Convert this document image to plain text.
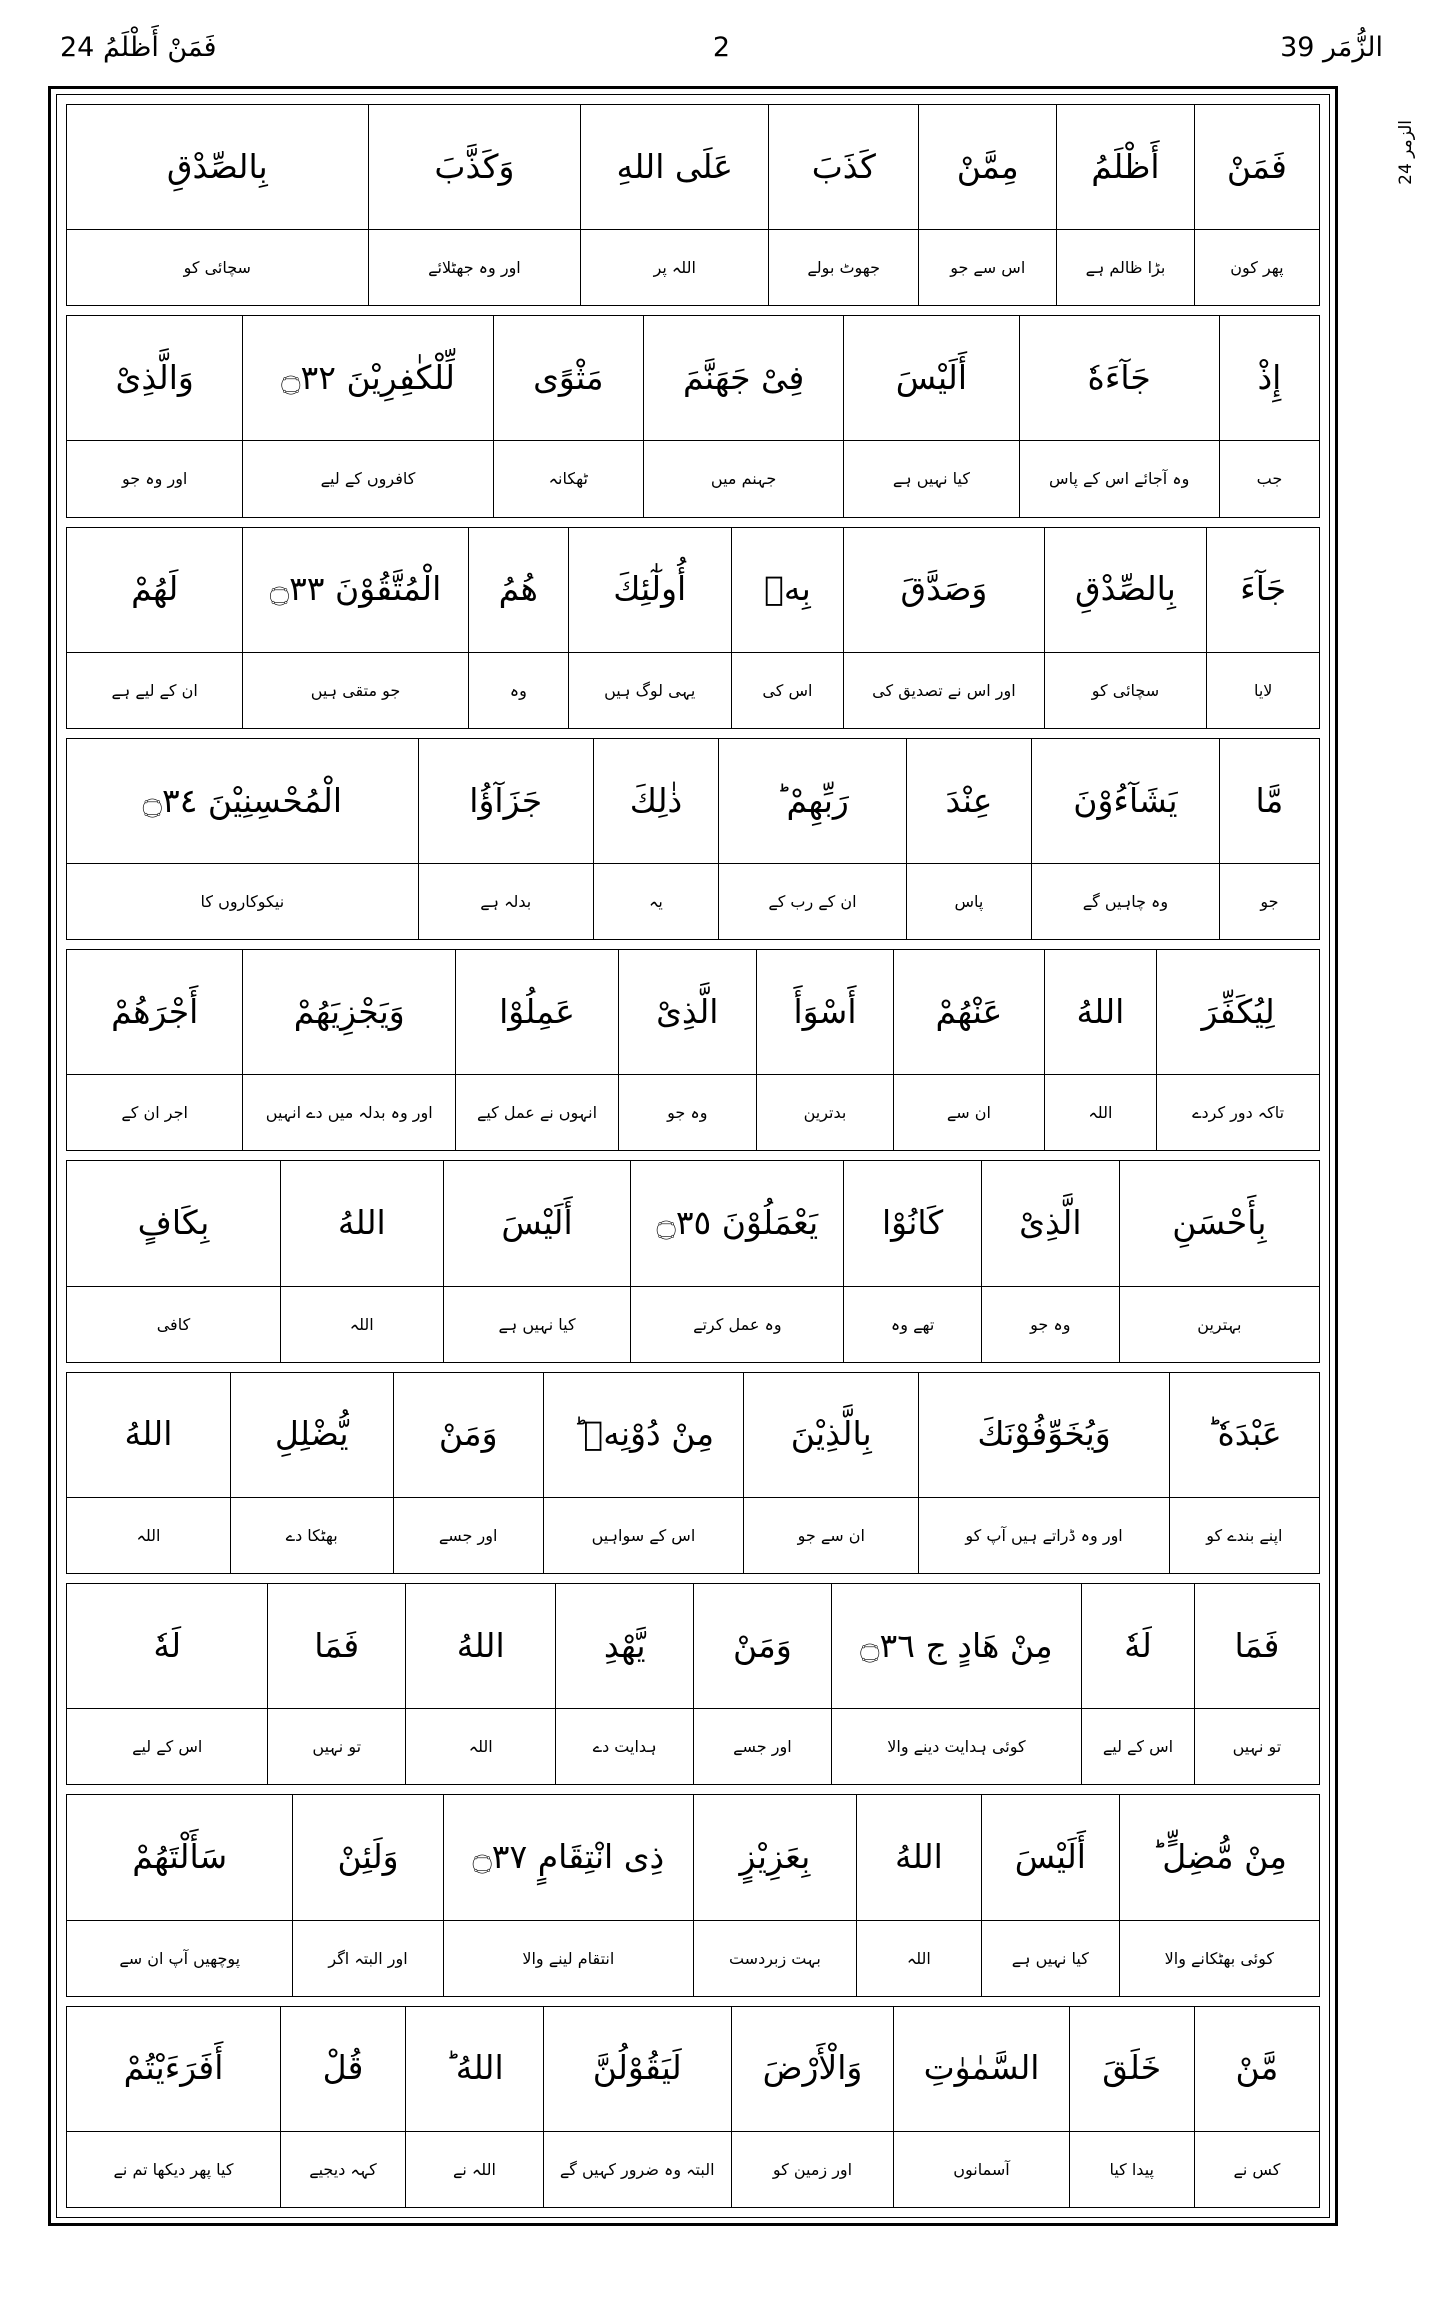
الزُّمَر 39
2
فَمَنْ أَظْلَمُ 24
الزمر 24
فَمَنْ
أَظْلَمُ
مِمَّنْ
كَذَبَ
عَلَى اللهِ
وَكَذَّبَ
بِالصِّدْقِ
پھر کون
بڑا ظالم ہے
اس سے جو
جھوٹ بولے
اللہ پر
اور وہ جھٹلائے
سچائی کو
إِذْ
جَآءَهٗ
أَلَيْسَ
فِىْ جَهَنَّمَ
مَثْوًى
لِّلْكٰفِرِيْنَ ۝٣٢
وَالَّذِىْ
جب
وہ آجائے اس کے پاس
کیا نہیں ہے
جہنم میں
ٹھکانہ
کافروں کے لیے
اور وہ جو
جَآءَ
بِالصِّدْقِ
وَصَدَّقَ
بِهٖ
أُولٰٓئِكَ
هُمُ
الْمُتَّقُوْنَ ۝٣٣
لَهُمْ
لایا
سچائی کو
اور اس نے تصدیق کی
اس کی
یہی لوگ ہیں
وہ
جو متقی ہیں
ان کے لیے ہے
مَّا
يَشَآءُوْنَ
عِنْدَ
رَبِّهِمْ ؕ
ذٰلِكَ
جَزَآؤُا
الْمُحْسِنِيْنَ ۝٣٤
جو
وہ چاہیں گے
پاس
ان کے رب کے
یہ
بدلہ ہے
نیکوکاروں کا
لِيُكَفِّرَ
اللهُ
عَنْهُمْ
أَسْوَأَ
الَّذِىْ
عَمِلُوْا
وَيَجْزِيَهُمْ
أَجْرَهُمْ
تاکہ دور کردے
اللہ
ان سے
بدترین
وہ جو
انہوں نے عمل کیے
اور وہ بدلہ میں دے انہیں
اجر ان کے
بِأَحْسَنِ
الَّذِىْ
كَانُوْا
يَعْمَلُوْنَ ۝٣٥
أَلَيْسَ
اللهُ
بِكَافٍ
بہترین
وہ جو
تھے وہ
وہ عمل کرتے
کیا نہیں ہے
اللہ
کافی
عَبْدَهٗ ؕ
وَيُخَوِّفُوْنَكَ
بِالَّذِيْنَ
مِنْ دُوْنِهٖ ؕ
وَمَنْ
يُّضْلِلِ
اللهُ
اپنے بندے کو
اور وہ ڈراتے ہیں آپ کو
ان سے جو
اس کے سواہیں
اور جسے
بھٹکا دے
اللہ
فَمَا
لَهٗ
مِنْ هَادٍ ج ۝٣٦
وَمَنْ
يَّهْدِ
اللهُ
فَمَا
لَهٗ
تو نہیں
اس کے لیے
کوئی ہدایت دینے والا
اور جسے
ہدایت دے
اللہ
تو نہیں
اس کے لیے
مِنْ مُّضِلٍّ ؕ
أَلَيْسَ
اللهُ
بِعَزِيْزٍ
ذِى انْتِقَامٍ ۝٣٧
وَلَئِنْ
سَأَلْتَهُمْ
کوئی بھٹکانے والا
کیا نہیں ہے
اللہ
بہت زبردست
انتقام لینے والا
اور البتہ اگر
پوچھیں آپ ان سے
مَّنْ
خَلَقَ
السَّمٰوٰتِ
وَالْأَرْضَ
لَيَقُوْلُنَّ
اللهُ ؕ
قُلْ
أَفَرَءَيْتُمْ
کس نے
پیدا کیا
آسمانوں
اور زمین کو
البتہ وہ ضرور کہیں گے
اللہ نے
کہہ دیجیے
کیا پھر دیکھا تم نے
